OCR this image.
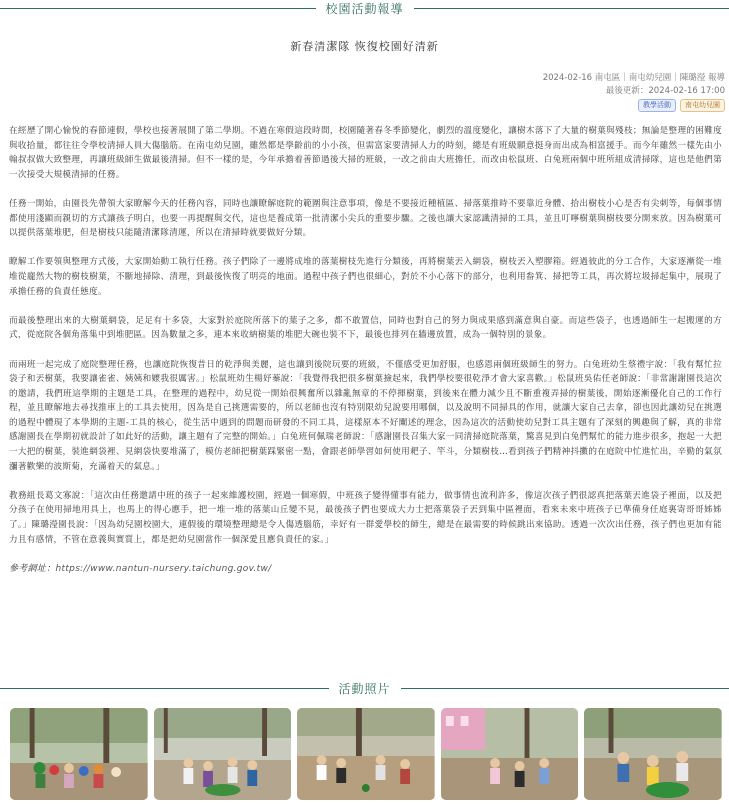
校園活動報導
新春清潔隊 恢復校園好清新
2024-02-16 南屯區｜南屯幼兒園｜陳璐瀅 報導
最後更新：2024-02-16 17:00
教學活動	南屯幼兒園

在經歷了開心愉悅的春節連假，學校也接著展開了第二學期。不過在寒假這段時間，校園隨著春冬季節變化，劇烈的溫度變化，讓樹木落下了大量的樹葉與殘枝；無論是整理的困難度與收拾量，都往往令學校清掃人員大傷腦筋。在南屯幼兒園，雖然都是學齡前的小小孩，但需富家要清掃人力的時刻，總是有班級願意挺身而出成為相富援手。而今年雖然一樣先由小翰叔叔做大致整理，再讓班級師生做最後清掃。但不一樣的是，今年承擔着善節過後大掃的班級，一改之前由大班擔任，而改由松鼠班、白兔班兩個中班所組成清掃隊，這也是他們第一次接受大規模清掃的任務。

任務一開始，由園長先帶領大家瞭解今天的任務內容，同時也讓瞭解庭院的範圍與注意事項，像是不要接近種植區、掃落葉推時不要靠近身體、拾出樹枝小心是否有尖刺等，每個事情都使用淺顯而親切的方式讓孩子明白，也要一再提醒與交代，這也是養成第一批清潔小尖兵的重要步驟。之後也讓大家認識清掃的工具，並且叮嚀樹葉與樹枝要分開來放。因為樹葉可以提供落葉堆肥，但是樹枝只能隨清潔隊清運，所以在清掃時就要做好分類。

瞭解工作要領與整理方式後，大家開始動工執行任務。孩子們除了一邊將成堆的落葉樹枝先進行分類後，再將樹葉丟入網袋，樹枝丟入塑膠箱。經過彼此的分工合作，大家逐漸從一堆堆從龐然大物的樹枝樹葉，不斷地掃除、清理，到最後恢復了明亮的地面。過程中孩子們也很細心，對於不小心落下的部分，也利用畚箕、掃把等工具，再次將垃圾掃起集中，展現了承擔任務的負責任態度。

而最後整理出來的大樹葉網袋，足足有十多袋，大家對於庭院所落下的葉子之多，都不敢置信，同時也對自己的努力與成果感到滿意與自豪。而這些袋子，也透過師生一起搬運的方式，從庭院各個角落集中到堆肥區。因為數量之多，連本來收納樹葉的堆肥大碗也裝不下，最後也排列在牆邊放置，成為一個特別的景象。

而兩班一起完成了庭院整理任務，也讓庭院恢復昔日的乾淨與美麗，這也讓到後院玩要的班級，不僅感受更加舒服，也感恩兩個班級師生的努力。白兔班幼生蔡禮宇說：「我有幫忙拉袋子和丟樹葉，我要讓雀雀、姨姨和嬤我很厲害。」松鼠班幼生楊妤蓁說：「我覺得我把很多樹葉撿起來，我們學校要很乾淨才會大家喜歡。」松鼠班吳佑任老師說：「非常謝謝園長這次的邀請，我們班這學期的主題是工具，在整理的過程中，幼兒從一開始很興奮所以雜亂無章的不停揮樹葉，到後來在體力減少且不斷重複弄掃的樹葉後，開始逐漸優化自己的工作行程，並且瞭解地去尋找推車上的工具去使用，因為是自己挑選需要的，所以老師也沒有特別限幼兒說要用哪個，以及說明不同掃具的作用，就讓大家自己去拿，卻也因此讓幼兒在挑選的過程中體現了本學期的主題-工具的核心，從生活中遇到的問題而研發的不同工具，這樣原本不好闡述的理念，因為這次的活動使幼兒對工具主題有了深刻的興趣與了解，真的非常感謝園長在學期初就設計了如此好的活動，讓主題有了完整的開始。」白兔班何佩瑞老師說：「感謝園長召集大家一同清掃庭院落葉，驚喜見到白兔們幫忙的能力進步很多，抱起一大把一大把的樹葉，裝進網袋裡、見網袋快要堆滿了，模仿老師把樹葉踩緊密一點，會跟老師學習如何使用耙子、竿斗，分類樹枝…看到孩子們精神抖擻的在庭院中忙進忙出，辛勤的氣氛瀰著歡樂的波斯菊，充滿着天的氣息。」

教務組長葛文寡說：「這次由任務邀請中班的孩子一起來維護校園，經過一個寒假，中班孩子變得懂事有能力，做事情也流利許多，像這次孩子們很認真把落葉丟進袋子裡面，以及把分孩子在使用掃地用具上，也馬上的得心應手，把一堆一堆的落葉山丘變不見，最後孩子們也要成大力士把落葉袋子丟到集中區裡面，看來未來中班孩子已準備身任庭裏寄哥哥姊姊了。」陳璐瀅園長說：「因為幼兒園校園大，連假後的環境整理總是令人傷透腦筋，幸好有一群愛學校的師生，總是在最需要的時候跳出來協助。透過一次次出任務，孩子們也更加有能力且有感情，不管在意義與實質上，都是把幼兒園當作一個深愛且應負責任的家。」

參考網址：https://www.nantun-nursery.taichung.gov.tw/
活動照片
